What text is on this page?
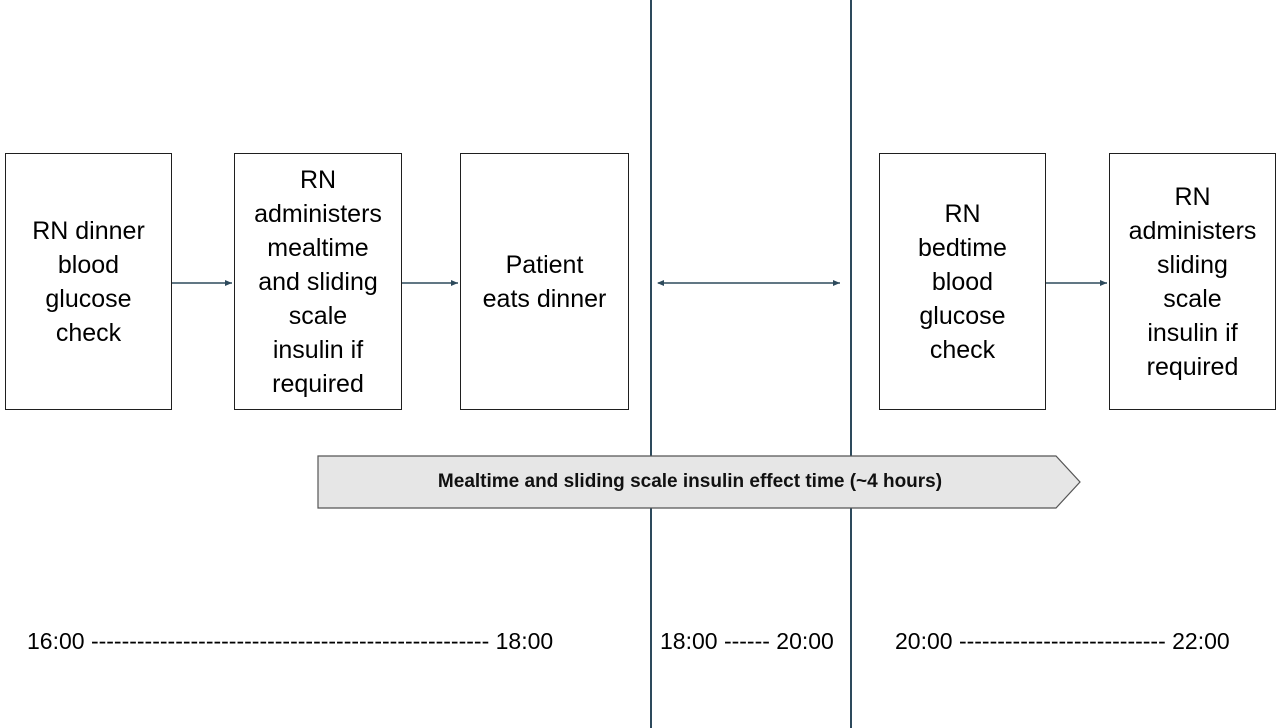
RN dinner
blood
glucose
check
RN
administers
mealtime
and sliding
scale
insulin if
required
Patient
eats dinner
RN
bedtime
blood
glucose
check
RN
administers
sliding
scale
insulin if
required
Mealtime and sliding scale insulin effect time (~4 hours)
16:00 ---------------------------------------------------- 18:00	18:00 ------ 20:00	20:00 --------------------------- 22:00
